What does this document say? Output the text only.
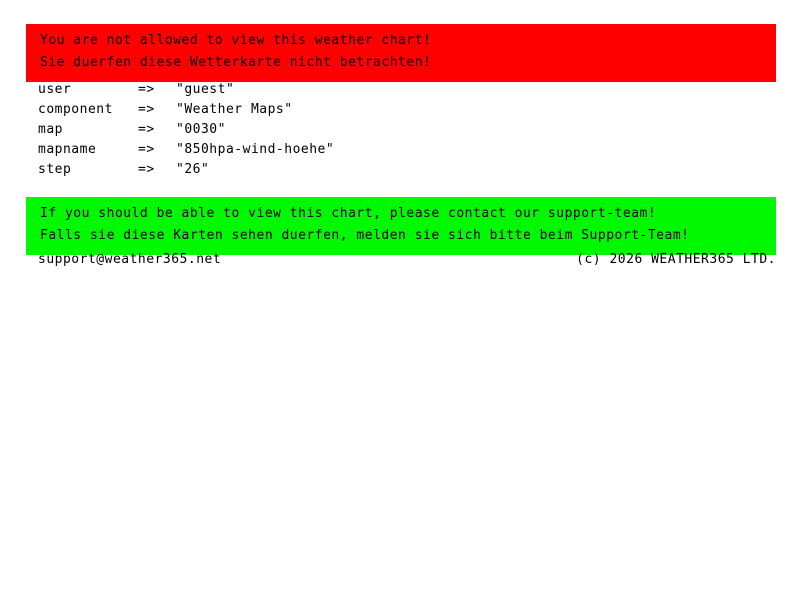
You are not allowed to view this weather chart!
Sie duerfen diese Wetterkarte nicht betrachten!
user	=>	"guest"
component	=>	"Weather Maps"
map	=>	"0030"
mapname	=>	"850hpa-wind-hoehe"
step	=>	"26"
If you should be able to view this chart, please contact our support-team!
Falls sie diese Karten sehen duerfen, melden sie sich bitte beim Support-Team!
support@weather365.net	(c) 2026 WEATHER365 LTD.
